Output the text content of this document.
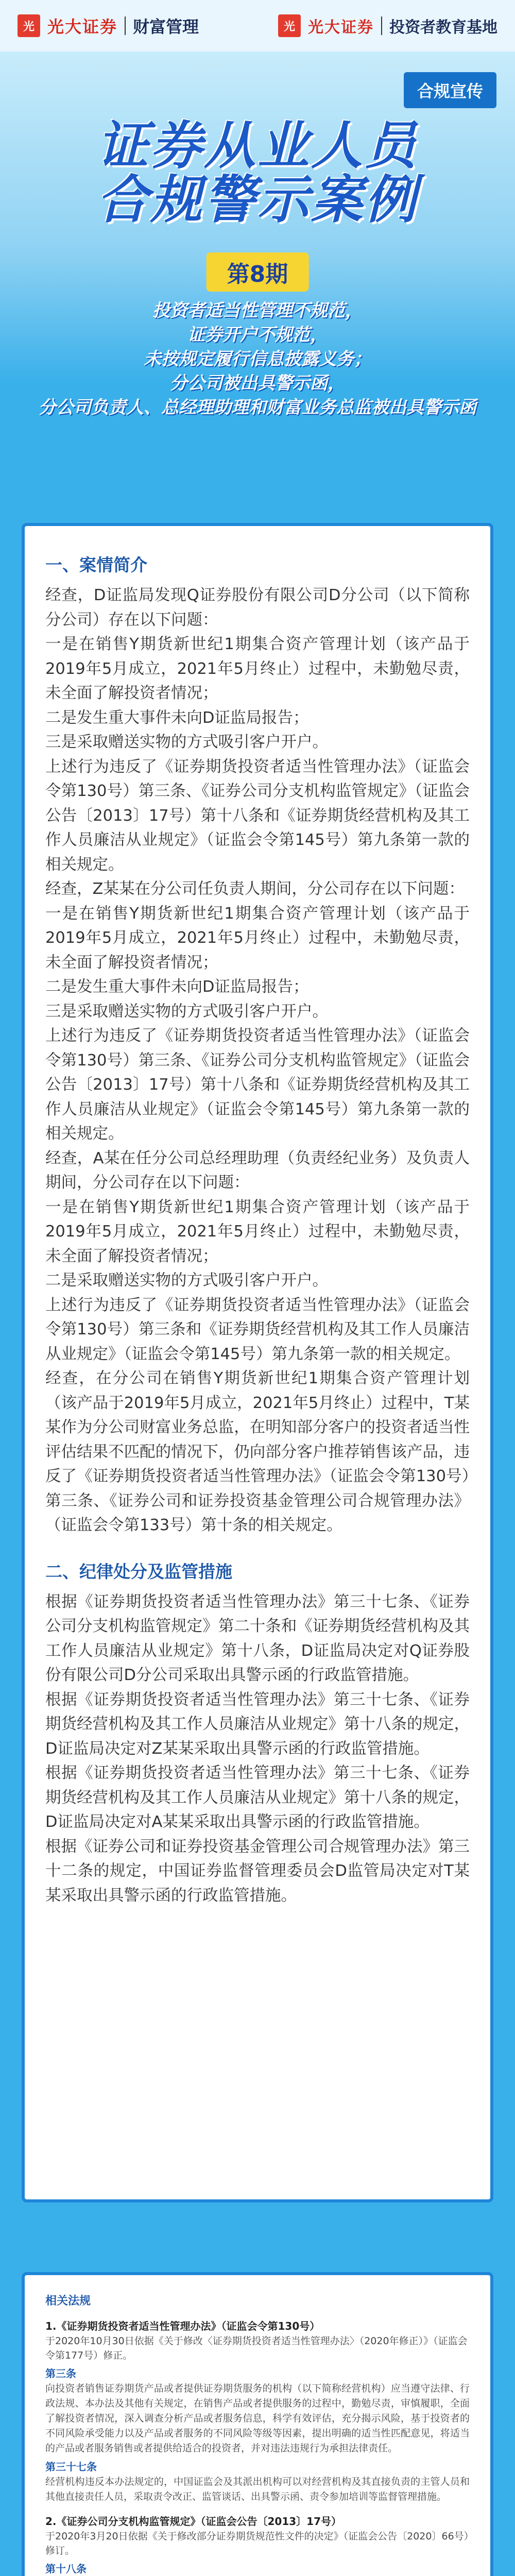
光 光大证券 财富管理	光 光大证券 投资者教育基地
合规宣传
证券从业人员
合规警示案例
第8期
投资者适当性管理不规范，
证券开户不规范，
未按规定履行信息披露义务；
分公司被出具警示函，
分公司负责人、总经理助理和财富业务总监被出具警示函
一、案情简介

经查，D证监局发现Q证券股份有限公司D分公司（以下简称分公司）存在以下问题：

一是在销售Y期货新世纪1期集合资产管理计划（该产品于2019年5月成立，2021年5月终止）过程中，未勤勉尽责，未全面了解投资者情况；

二是发生重大事件未向D证监局报告；

三是采取赠送实物的方式吸引客户开户。

上述行为违反了《证券期货投资者适当性管理办法》（证监会令第130号）第三条、《证券公司分支机构监管规定》（证监会公告〔2013〕17号）第十八条和《证券期货经营机构及其工作人员廉洁从业规定》（证监会令第145号）第九条第一款的相关规定。

经查，Z某某在分公司任负责人期间，分公司存在以下问题：

一是在销售Y期货新世纪1期集合资产管理计划（该产品于2019年5月成立，2021年5月终止）过程中，未勤勉尽责，未全面了解投资者情况；

二是发生重大事件未向D证监局报告；

三是采取赠送实物的方式吸引客户开户。

上述行为违反了《证券期货投资者适当性管理办法》（证监会令第130号）第三条、《证券公司分支机构监管规定》（证监会公告〔2013〕17号）第十八条和《证券期货经营机构及其工作人员廉洁从业规定》（证监会令第145号）第九条第一款的相关规定。

经查，A某在任分公司总经理助理（负责经纪业务）及负责人期间，分公司存在以下问题：

一是在销售Y期货新世纪1期集合资产管理计划（该产品于2019年5月成立，2021年5月终止）过程中，未勤勉尽责，未全面了解投资者情况；

二是采取赠送实物的方式吸引客户开户。

上述行为违反了《证券期货投资者适当性管理办法》（证监会令第130号）第三条和《证券期货经营机构及其工作人员廉洁从业规定》（证监会令第145号）第九条第一款的相关规定。

经查，在分公司在销售Y期货新世纪1期集合资产管理计划（该产品于2019年5月成立，2021年5月终止）过程中，T某某作为分公司财富业务总监，在明知部分客户的投资者适当性评估结果不匹配的情况下，仍向部分客户推荐销售该产品，违反了《证券期货投资者适当性管理办法》（证监会令第130号）第三条、《证券公司和证券投资基金管理公司合规管理办法》（证监会令第133号）第十条的相关规定。

二、纪律处分及监管措施

根据《证券期货投资者适当性管理办法》第三十七条、《证券公司分支机构监管规定》第二十条和《证券期货经营机构及其工作人员廉洁从业规定》第十八条，D证监局决定对Q证券股份有限公司D分公司采取出具警示函的行政监管措施。

根据《证券期货投资者适当性管理办法》第三十七条、《证券期货经营机构及其工作人员廉洁从业规定》第十八条的规定，D证监局决定对Z某某采取出具警示函的行政监管措施。

根据《证券期货投资者适当性管理办法》第三十七条、《证券期货经营机构及其工作人员廉洁从业规定》第十八条的规定，D证监局决定对A某某采取出具警示函的行政监管措施。

根据《证券公司和证券投资基金管理公司合规管理办法》第三十二条的规定，中国证券监督管理委员会D监管局决定对T某某采取出具警示函的行政监管措施。

相关法规
1.《证券期货投资者适当性管理办法》（证监会令第130号）
于2020年10月30日依据《关于修改〈证券期货投资者适当性管理办法〉（2020年修正）》（证监会令第177号）修正。
第三条
向投资者销售证券期货产品或者提供证券期货服务的机构（以下简称经营机构）应当遵守法律、行政法规、本办法及其他有关规定，在销售产品或者提供服务的过程中，勤勉尽责，审慎履职，全面了解投资者情况，深入调查分析产品或者服务信息，科学有效评估，充分揭示风险，基于投资者的不同风险承受能力以及产品或者服务的不同风险等级等因素，提出明确的适当性匹配意见，将适当的产品或者服务销售或者提供给适合的投资者，并对违法违规行为承担法律责任。
第三十七条
经营机构违反本办法规定的，中国证监会及其派出机构可以对经营机构及其直接负责的主管人员和其他直接责任人员，采取责令改正、监管谈话、出具警示函、责令参加培训等监督管理措施。
2.《证券公司分支机构监管规定》（证监会公告〔2013〕17号）
于2020年3月20日依据《关于修改部分证券期货规范性文件的决定》（证监会公告〔2020〕66号）修订。
第十八条
